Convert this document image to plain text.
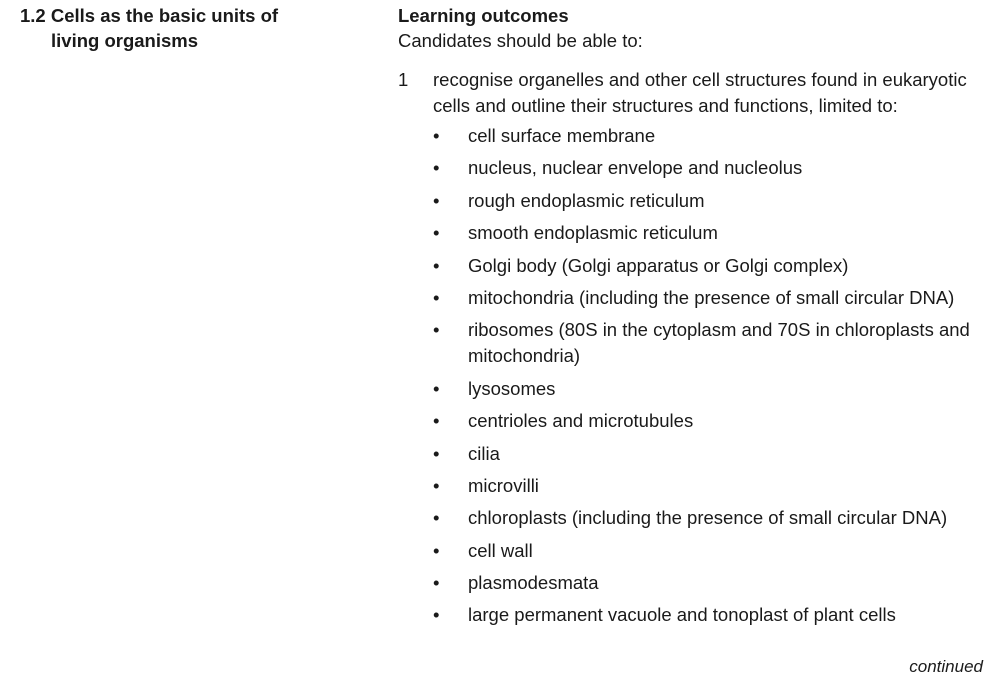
1.2 Cells as the basic units of
living organisms
Learning outcomes
Candidates should be able to:
1 recognise organelles and other cell structures found in eukaryotic cells and outline their structures and functions, limited to:
• cell surface membrane
• nucleus, nuclear envelope and nucleolus
• rough endoplasmic reticulum
• smooth endoplasmic reticulum
• Golgi body (Golgi apparatus or Golgi complex)
• mitochondria (including the presence of small circular DNA)
• ribosomes (80S in the cytoplasm and 70S in chloroplasts and mitochondria)
• lysosomes
• centrioles and microtubules
• cilia
• microvilli
• chloroplasts (including the presence of small circular DNA)
• cell wall
• plasmodesmata
• large permanent vacuole and tonoplast of plant cells
continued
